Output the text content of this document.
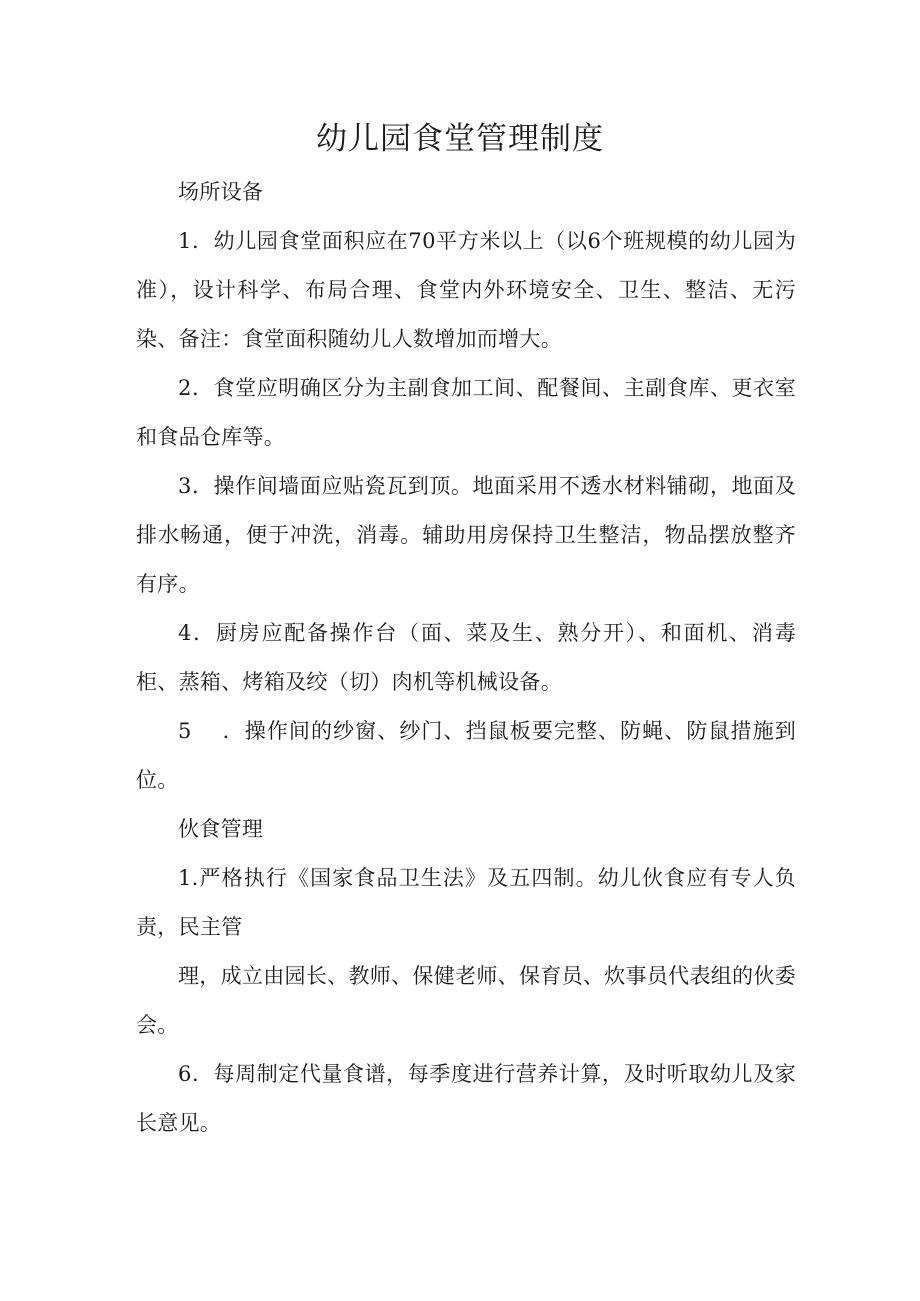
幼儿园食堂管理制度

场所设备

1．幼儿园食堂面积应在70平方米以上（以6个班规模的幼儿园为准），设计科学、布局合理、食堂内外环境安全、卫生、整洁、无污染、备注：食堂面积随幼儿人数增加而增大。

2．食堂应明确区分为主副食加工间、配餐间、主副食库、更衣室和食品仓库等。

3．操作间墙面应贴瓷瓦到顶。地面采用不透水材料铺砌，地面及排水畅通，便于冲洗，消毒。辅助用房保持卫生整洁，物品摆放整齐有序。

4．厨房应配备操作台（面、菜及生、熟分开）、和面机、消毒柜、蒸箱、烤箱及绞（切）肉机等机械设备。

5    ．操作间的纱窗、纱门、挡鼠板要完整、防蝇、防鼠措施到位。

伙食管理

1.严格执行《国家食品卫生法》及五四制。幼儿伙食应有专人负责，民主管

理，成立由园长、教师、保健老师、保育员、炊事员代表组的伙委会。

6．每周制定代量食谱，每季度进行营养计算，及时听取幼儿及家长意见。
